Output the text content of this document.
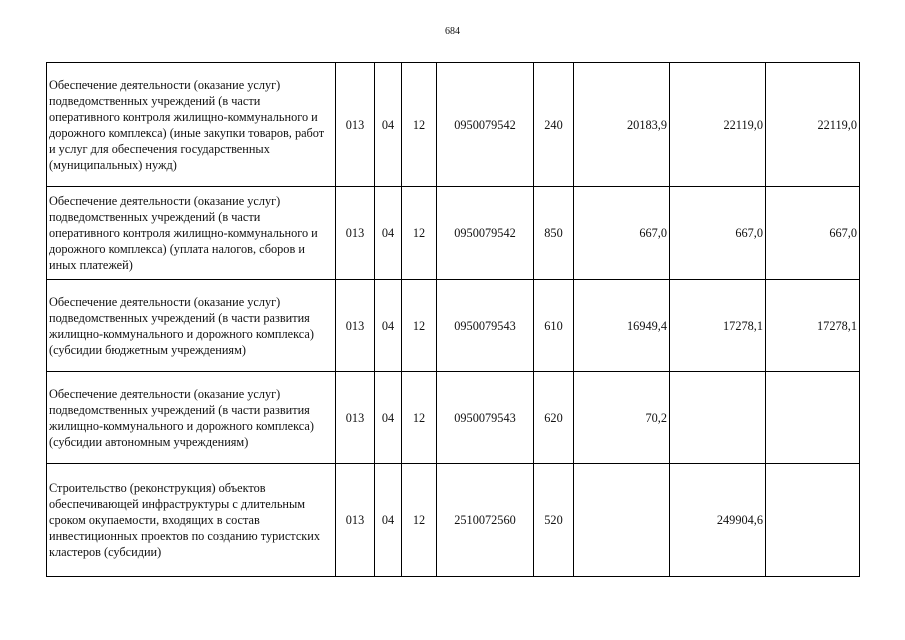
684
Обеспечение деятельности (оказание услуг) подведомственных учреждений (в части оперативного контроля жилищно-коммунального и дорожного комплекса) (иные закупки товаров, работ и услуг для обеспечения государственных (муниципальных) нужд)	013	04	12	0950079542	240	20183,9	22119,0	22119,0
Обеспечение деятельности (оказание услуг) подведомственных учреждений (в части оперативного контроля жилищно-коммунального и дорожного комплекса) (уплата налогов, сборов и иных платежей)	013	04	12	0950079542	850	667,0	667,0	667,0
Обеспечение деятельности (оказание услуг) подведомственных учреждений (в части развития жилищно-коммунального и дорожного комплекса) (субсидии бюджетным учреждениям)	013	04	12	0950079543	610	16949,4	17278,1	17278,1
Обеспечение деятельности (оказание услуг) подведомственных учреждений (в части развития жилищно-коммунального и дорожного комплекса) (субсидии автономным учреждениям)	013	04	12	0950079543	620	70,2		
Строительство (реконструкция) объектов обеспечивающей инфраструктуры с длительным сроком окупаемости, входящих в состав инвестиционных проектов по созданию туристских кластеров (субсидии)	013	04	12	2510072560	520		249904,6	
